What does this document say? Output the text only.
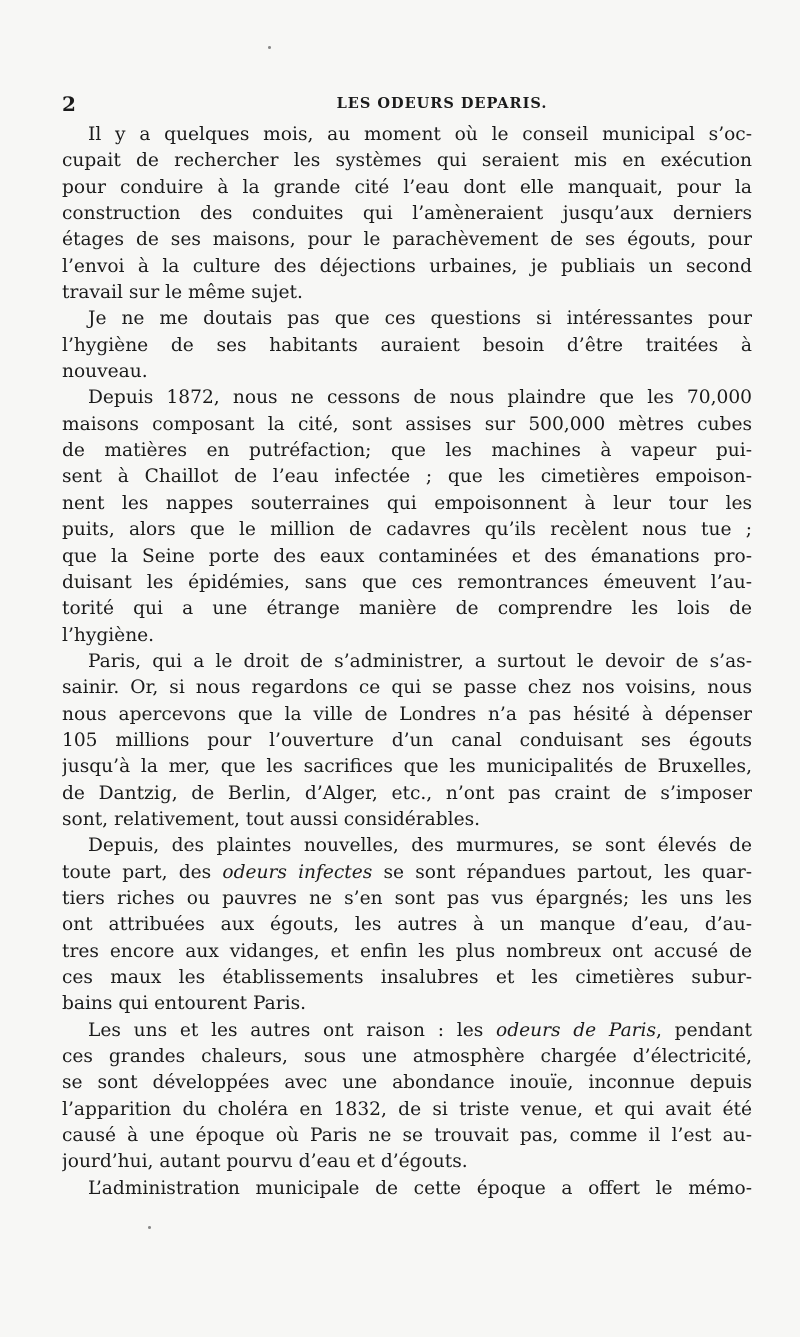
2	LES ODEURS DEPARIS.
Il y a quelques mois, au moment où le conseil municipal s’oc-
cupait de rechercher les systèmes qui seraient mis en exécution
pour conduire à la grande cité l’eau dont elle manquait, pour la
construction des conduites qui l’amèneraient jusqu’aux derniers
étages de ses maisons, pour le parachèvement de ses égouts, pour
l’envoi à la culture des déjections urbaines, je publiais un second
travail sur le même sujet.
Je ne me doutais pas que ces questions si intéressantes pour
l’hygiène de ses habitants auraient besoin d’être traitées à
nouveau.
Depuis 1872, nous ne cessons de nous plaindre que les 70,000
maisons composant la cité, sont assises sur 500,000 mètres cubes
de matières en putréfaction; que les machines à vapeur pui-
sent à Chaillot de l’eau infectée ; que les cimetières empoison-
nent les nappes souterraines qui empoisonnent à leur tour les
puits, alors que le million de cadavres qu’ils recèlent nous tue ;
que la Seine porte des eaux contaminées et des émanations pro-
duisant les épidémies, sans que ces remontrances émeuvent l’au-
torité qui a une étrange manière de comprendre les lois de
l’hygiène.
Paris, qui a le droit de s’administrer, a surtout le devoir de s’as-
sainir. Or, si nous regardons ce qui se passe chez nos voisins, nous
nous apercevons que la ville de Londres n’a pas hésité à dépenser
105 millions pour l’ouverture d’un canal conduisant ses égouts
jusqu’à la mer, que les sacrifices que les municipalités de Bruxelles,
de Dantzig, de Berlin, d’Alger, etc., n’ont pas craint de s’imposer
sont, relativement, tout aussi considérables.
Depuis, des plaintes nouvelles, des murmures, se sont élevés de
toute part, des odeurs infectes se sont répandues partout, les quar-
tiers riches ou pauvres ne s’en sont pas vus épargnés; les uns les
ont attribuées aux égouts, les autres à un manque d’eau, d’au-
tres encore aux vidanges, et enfin les plus nombreux ont accusé de
ces maux les établissements insalubres et les cimetières subur-
bains qui entourent Paris.
Les uns et les autres ont raison : les odeurs de Paris, pendant
ces grandes chaleurs, sous une atmosphère chargée d’électricité,
se sont développées avec une abondance inouïe, inconnue depuis
l’apparition du choléra en 1832, de si triste venue, et qui avait été
causé à une époque où Paris ne se trouvait pas, comme il l’est au-
jourd’hui, autant pourvu d’eau et d’égouts.
L’administration municipale de cette époque a offert le mémo-
